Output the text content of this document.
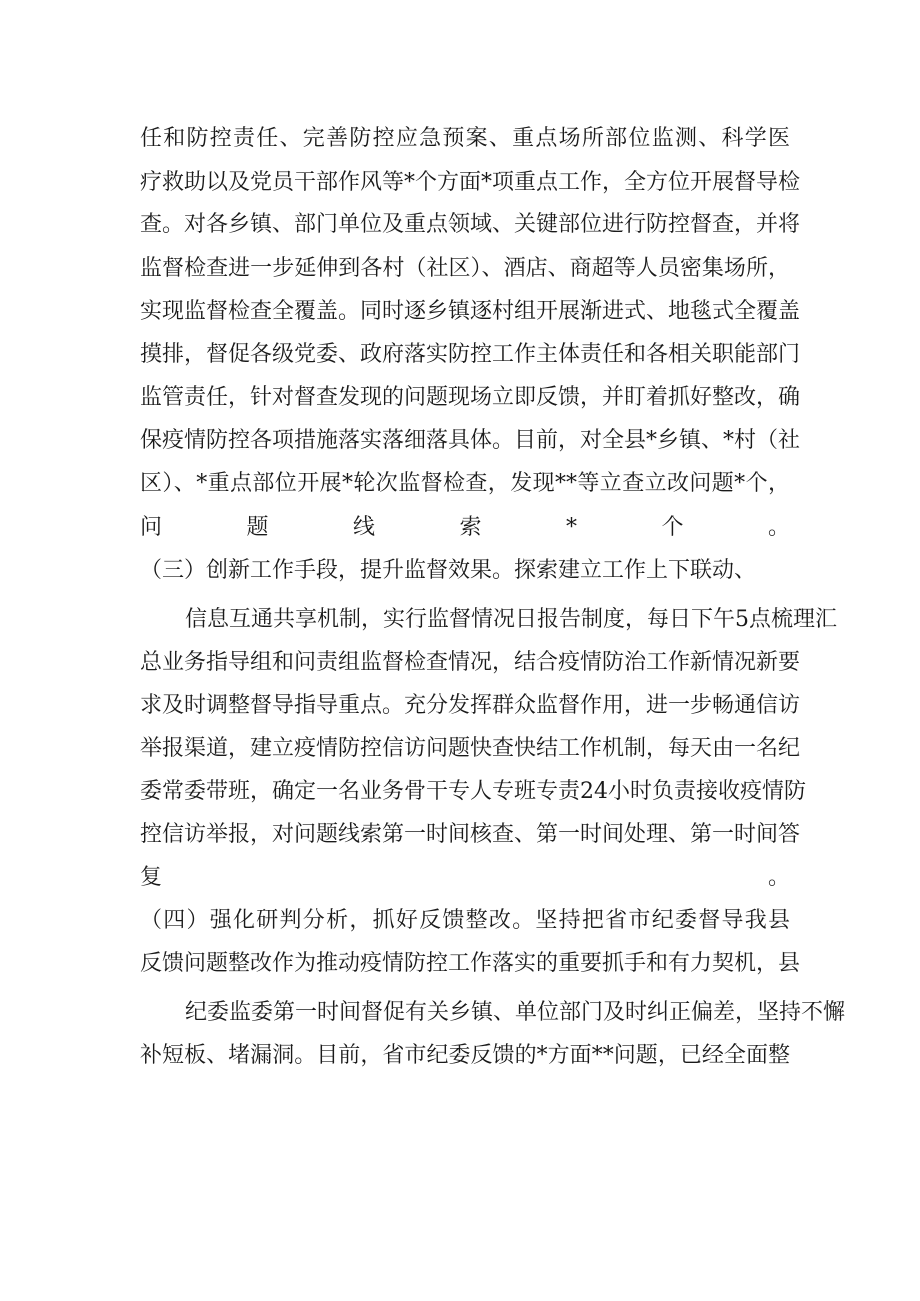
任和防控责任、完善防控应急预案、重点场所部位监测、科学医
疗救助以及党员干部作风等*个方面*项重点工作，全方位开展督导检
查。对各乡镇、部门单位及重点领域、关键部位进行防控督查，并将
监督检查进一步延伸到各村（社区）、酒店、商超等人员密集场所，
实现监督检查全覆盖。同时逐乡镇逐村组开展渐进式、地毯式全覆盖
摸排，督促各级党委、政府落实防控工作主体责任和各相关职能部门
监管责任，针对督查发现的问题现场立即反馈，并盯着抓好整改，确
保疫情防控各项措施落实落细落具体。目前，对全县*乡镇、*村（社
区）、*重点部位开展*轮次监督检查，发现**等立查立改问题*个，
问题线索*个。
（三）创新工作手段，提升监督效果。探索建立工作上下联动、
信息互通共享机制，实行监督情况日报告制度，每日下午5点梳理汇
总业务指导组和问责组监督检查情况，结合疫情防治工作新情况新要
求及时调整督导指导重点。充分发挥群众监督作用，进一步畅通信访
举报渠道，建立疫情防控信访问题快查快结工作机制，每天由一名纪
委常委带班，确定一名业务骨干专人专班专责24小时负责接收疫情防
控信访举报，对问题线索第一时间核查、第一时间处理、第一时间答
复。
（四）强化研判分析，抓好反馈整改。坚持把省市纪委督导我县
反馈问题整改作为推动疫情防控工作落实的重要抓手和有力契机，县
纪委监委第一时间督促有关乡镇、单位部门及时纠正偏差，坚持不懈
补短板、堵漏洞。目前，省市纪委反馈的*方面**问题，已经全面整
